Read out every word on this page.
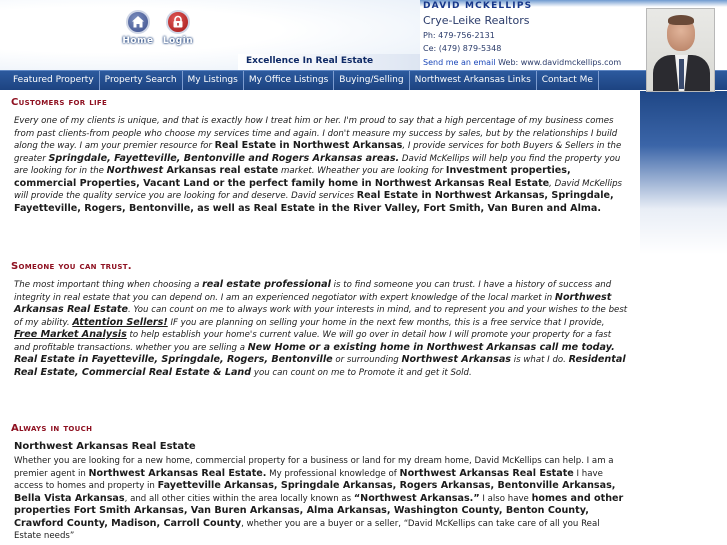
Home	Login
Excellence In Real Estate
DAVID MCKELLIPS
Crye-Leike Realtors
Ph: 479-756-2131
Ce: (479) 879-5348
Send me an email Web: www.davidmckellips.com
Featured Property	Property Search	My Listings	My Office Listings	Buying/Selling	Northwest Arkansas Links	Contact Me
Customers for life
Every one of my clients is unique, and that is exactly how I treat him or her. I'm proud to say that a high percentage of my business comes from past clients-from people who choose my services time and again. I don't measure my success by sales, but by the relationships I build along the way. I am your premier resource for Real Estate in Northwest Arkansas, I provide services for both Buyers & Sellers in the greater Springdale, Fayetteville, Bentonville and Rogers Arkansas areas. David McKellips will help you find the property you are looking for in the Northwest Arkansas real estate market. Wheather you are looking for Investment properties, commercial Properties, Vacant Land or the perfect family home in Northwest Arkansas Real Estate, David McKellips will provide the quality service you are looking for and deserve. David services Real Estate in Northwest Arkansas, Springdale, Fayetteville, Rogers, Bentonville, as well as Real Estate in the River Valley, Fort Smith, Van Buren and Alma.
Someone you can trust.
The most important thing when choosing a real estate professional is to find someone you can trust. I have a history of success and integrity in real estate that you can depend on. I am an experienced negotiator with expert knowledge of the local market in Northwest Arkansas Real Estate. You can count on me to always work with your interests in mind, and to represent you and your wishes to the best of my ability. Attention Sellers! IF you are planning on selling your home in the next few months, this is a free service that I provide, Free Market Analysis to help establish your home's current value. We will go over in detail how I will promote your property for a fast and profitable transactions. whether you are selling a New Home or a existing home in Northwest Arkansas call me today. Real Estate in Fayetteville, Springdale, Rogers, Bentonville or surrounding Northwest Arkansas is what I do. Residental Real Estate, Commercial Real Estate & Land you can count on me to Promote it and get it Sold.
Always in touch
Northwest Arkansas Real Estate
Whether you are looking for a new home, commercial property for a business or land for my dream home, David McKellips can help. I am a premier agent in Northwest Arkansas Real Estate. My professional knowledge of Northwest Arkansas Real Estate I have access to homes and property in Fayetteville Arkansas, Springdale Arkansas, Rogers Arkansas, Bentonville Arkansas, Bella Vista Arkansas, and all other cities within the area locally known as “Northwest Arkansas.” I also have homes and other properties Fort Smith Arkansas, Van Buren Arkansas, Alma Arkansas, Washington County, Benton County, Crawford County, Madison, Carroll County, whether you are a buyer or a seller, “David McKellips can take care of all you Real Estate needs”
